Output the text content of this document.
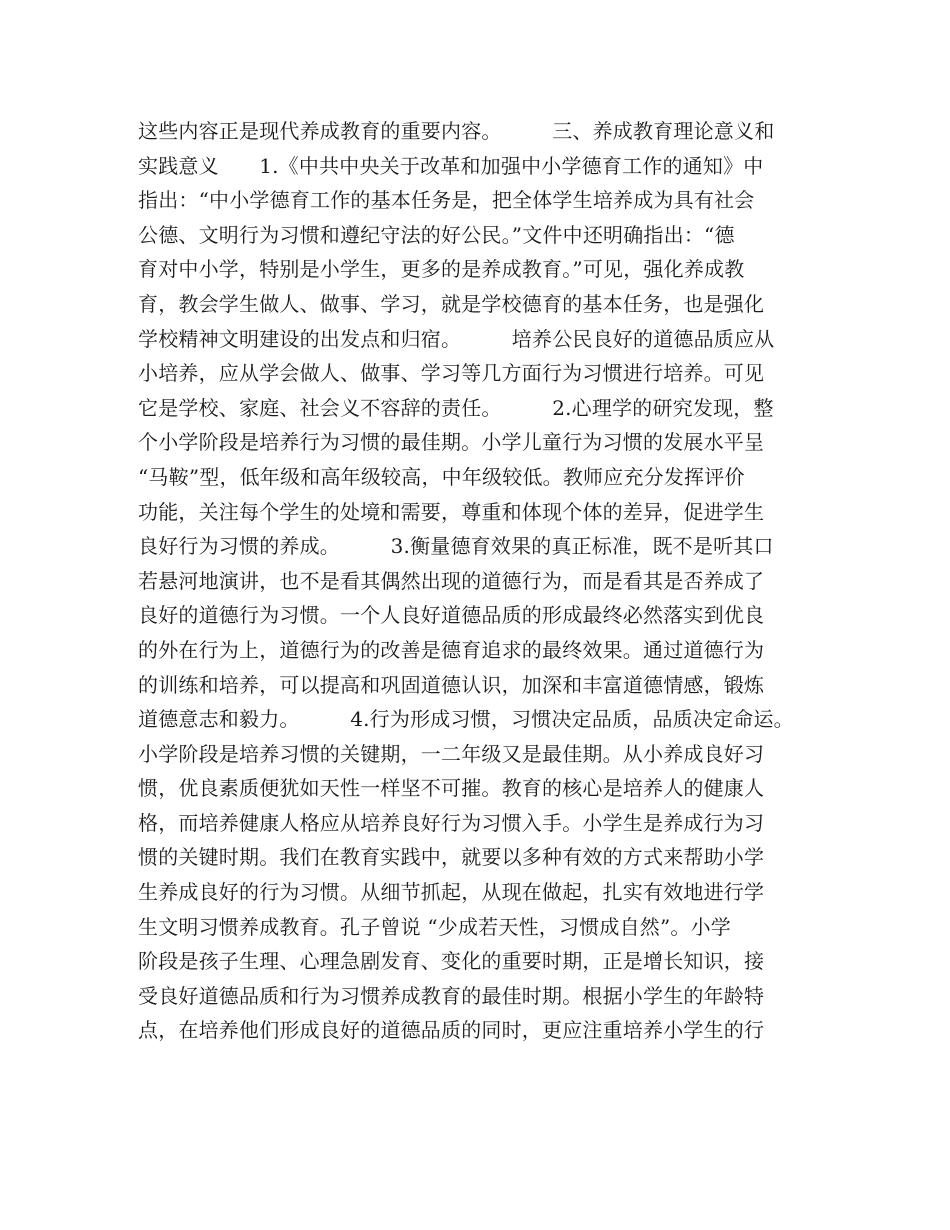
这些内容正是现代养成教育的重要内容。　　　三、养成教育理论意义和
实践意义　　1.《中共中央关于改革和加强中小学德育工作的通知》中
指出：“中小学德育工作的基本任务是，把全体学生培养成为具有社会
公德、文明行为习惯和遵纪守法的好公民。”文件中还明确指出：“德
育对中小学，特别是小学生，更多的是养成教育。”可见，强化养成教
育，教会学生做人、做事、学习，就是学校德育的基本任务，也是强化
学校精神文明建设的出发点和归宿。　　　培养公民良好的道德品质应从
小培养，应从学会做人、做事、学习等几方面行为习惯进行培养。可见
它是学校、家庭、社会义不容辞的责任。　　　2.心理学的研究发现，整
个小学阶段是培养行为习惯的最佳期。小学儿童行为习惯的发展水平呈
“马鞍”型，低年级和高年级较高，中年级较低。教师应充分发挥评价
功能，关注每个学生的处境和需要，尊重和体现个体的差异，促进学生
良好行为习惯的养成。　　　3.衡量德育效果的真正标准，既不是听其口
若悬河地演讲，也不是看其偶然出现的道德行为，而是看其是否养成了
良好的道德行为习惯。一个人良好道德品质的形成最终必然落实到优良
的外在行为上，道德行为的改善是德育追求的最终效果。通过道德行为
的训练和培养，可以提高和巩固道德认识，加深和丰富道德情感，锻炼
道德意志和毅力。　　　4.行为形成习惯，习惯决定品质，品质决定命运。
小学阶段是培养习惯的关键期，一二年级又是最佳期。从小养成良好习
惯，优良素质便犹如天性一样坚不可摧。教育的核心是培养人的健康人
格，而培养健康人格应从培养良好行为习惯入手。小学生是养成行为习
惯的关键时期。我们在教育实践中，就要以多种有效的方式来帮助小学
生养成良好的行为习惯。从细节抓起，从现在做起，扎实有效地进行学
生文明习惯养成教育。孔子曾说 “少成若天性，习惯成自然”。小学
阶段是孩子生理、心理急剧发育、变化的重要时期，正是增长知识，接
受良好道德品质和行为习惯养成教育的最佳时期。根据小学生的年龄特
点，在培养他们形成良好的道德品质的同时，更应注重培养小学生的行
